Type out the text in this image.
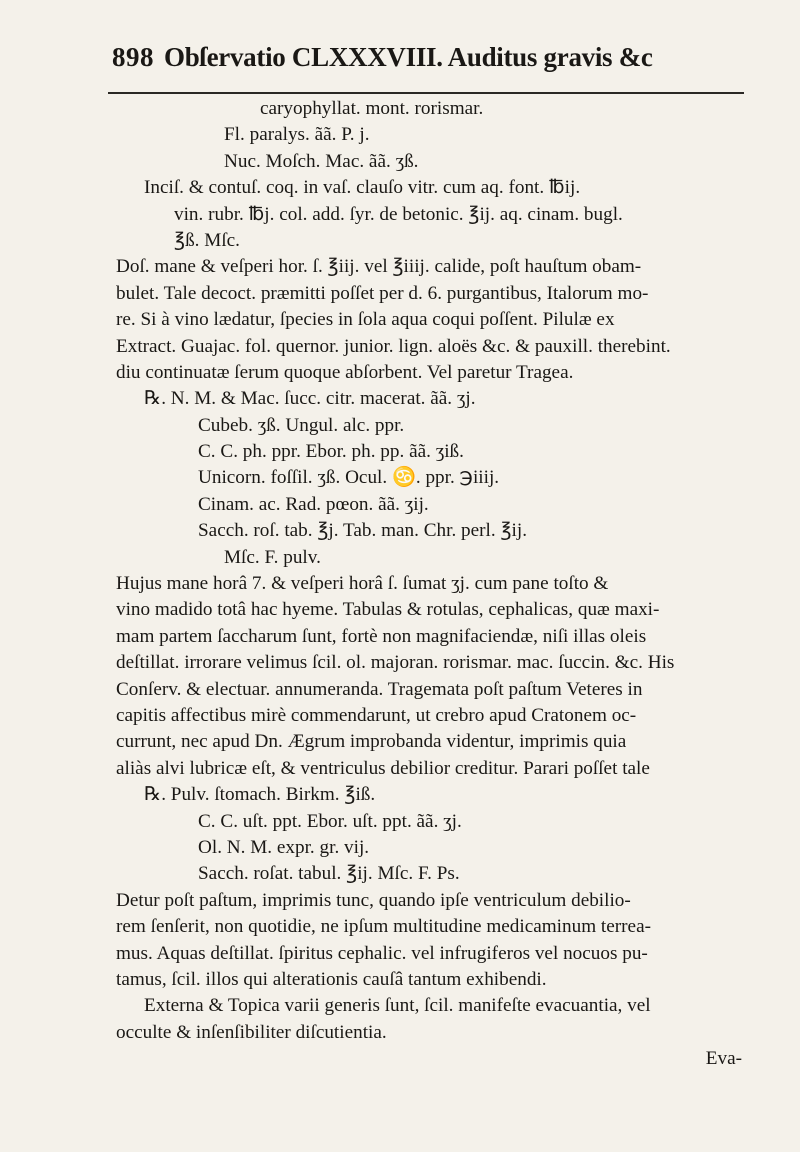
898 Obſervatio CLXXXVIII. Auditus gravis &c
caryophyllat. mont. rorismar.
Fl. paralys. ãã. P. j.
Nuc. Moſch. Mac. ãã. ʒß.
Inciſ. & contuſ. coq. in vaſ. clauſo vitr. cum aq. font. ℔ij.
vin. rubr. ℔j. col. add. ſyr. de betonic. ℥ij. aq. cinam. bugl.
℥ß. Mſc.
Doſ. mane & veſperi hor. ſ. ℥iij. vel ℥iiij. calide, poſt hauſtum obam-
bulet. Tale decoct. præmitti poſſet per d. 6. purgantibus, Italorum mo-
re. Si à vino lædatur, ſpecies in ſola aqua coqui poſſent. Pilulæ ex
Extract. Guajac. fol. quernor. junior. lign. aloës &c. & pauxill. therebint.
diu continuatæ ſerum quoque abſorbent. Vel paretur Tragea.
℞. N. M. & Mac. ſucc. citr. macerat. ãã. ʒj.
Cubeb. ʒß. Ungul. alc. ppr.
C. C. ph. ppr. Ebor. ph. pp. ãã. ʒiß.
Unicorn. foſſil. ʒß. Ocul. ♋. ppr. ℈iiij.
Cinam. ac. Rad. pœon. ãã. ʒij.
Sacch. roſ. tab. ℥j. Tab. man. Chr. perl. ℥ij.
Mſc. F. pulv.
Hujus mane horâ 7. & veſperi horâ ſ. ſumat ʒj. cum pane toſto &
vino madido totâ hac hyeme. Tabulas & rotulas, cephalicas, quæ maxi-
mam partem ſaccharum ſunt, fortè non magnifaciendæ, niſi illas oleis
deſtillat. irrorare velimus ſcil. ol. majoran. rorismar. mac. ſuccin. &c. His
Conſerv. & electuar. annumeranda. Tragemata poſt paſtum Veteres in
capitis affectibus mirè commendarunt, ut crebro apud Cratonem oc-
currunt, nec apud Dn. Ægrum improbanda videntur, imprimis quia
aliàs alvi lubricæ eſt, & ventriculus debilior creditur. Parari poſſet tale
℞. Pulv. ſtomach. Birkm. ℥iß.
C. C. uſt. ppt. Ebor. uſt. ppt. ãã. ʒj.
Ol. N. M. expr. gr. vij.
Sacch. roſat. tabul. ℥ij. Mſc. F. Ps.
Detur poſt paſtum, imprimis tunc, quando ipſe ventriculum debilio-
rem ſenſerit, non quotidie, ne ipſum multitudine medicaminum terrea-
mus. Aquas deſtillat. ſpiritus cephalic. vel infrugiferos vel nocuos pu-
tamus, ſcil. illos qui alterationis cauſâ tantum exhibendi.
Externa & Topica varii generis ſunt, ſcil. manifeſte evacuantia, vel
occulte & inſenſibiliter diſcutientia.
Eva-
